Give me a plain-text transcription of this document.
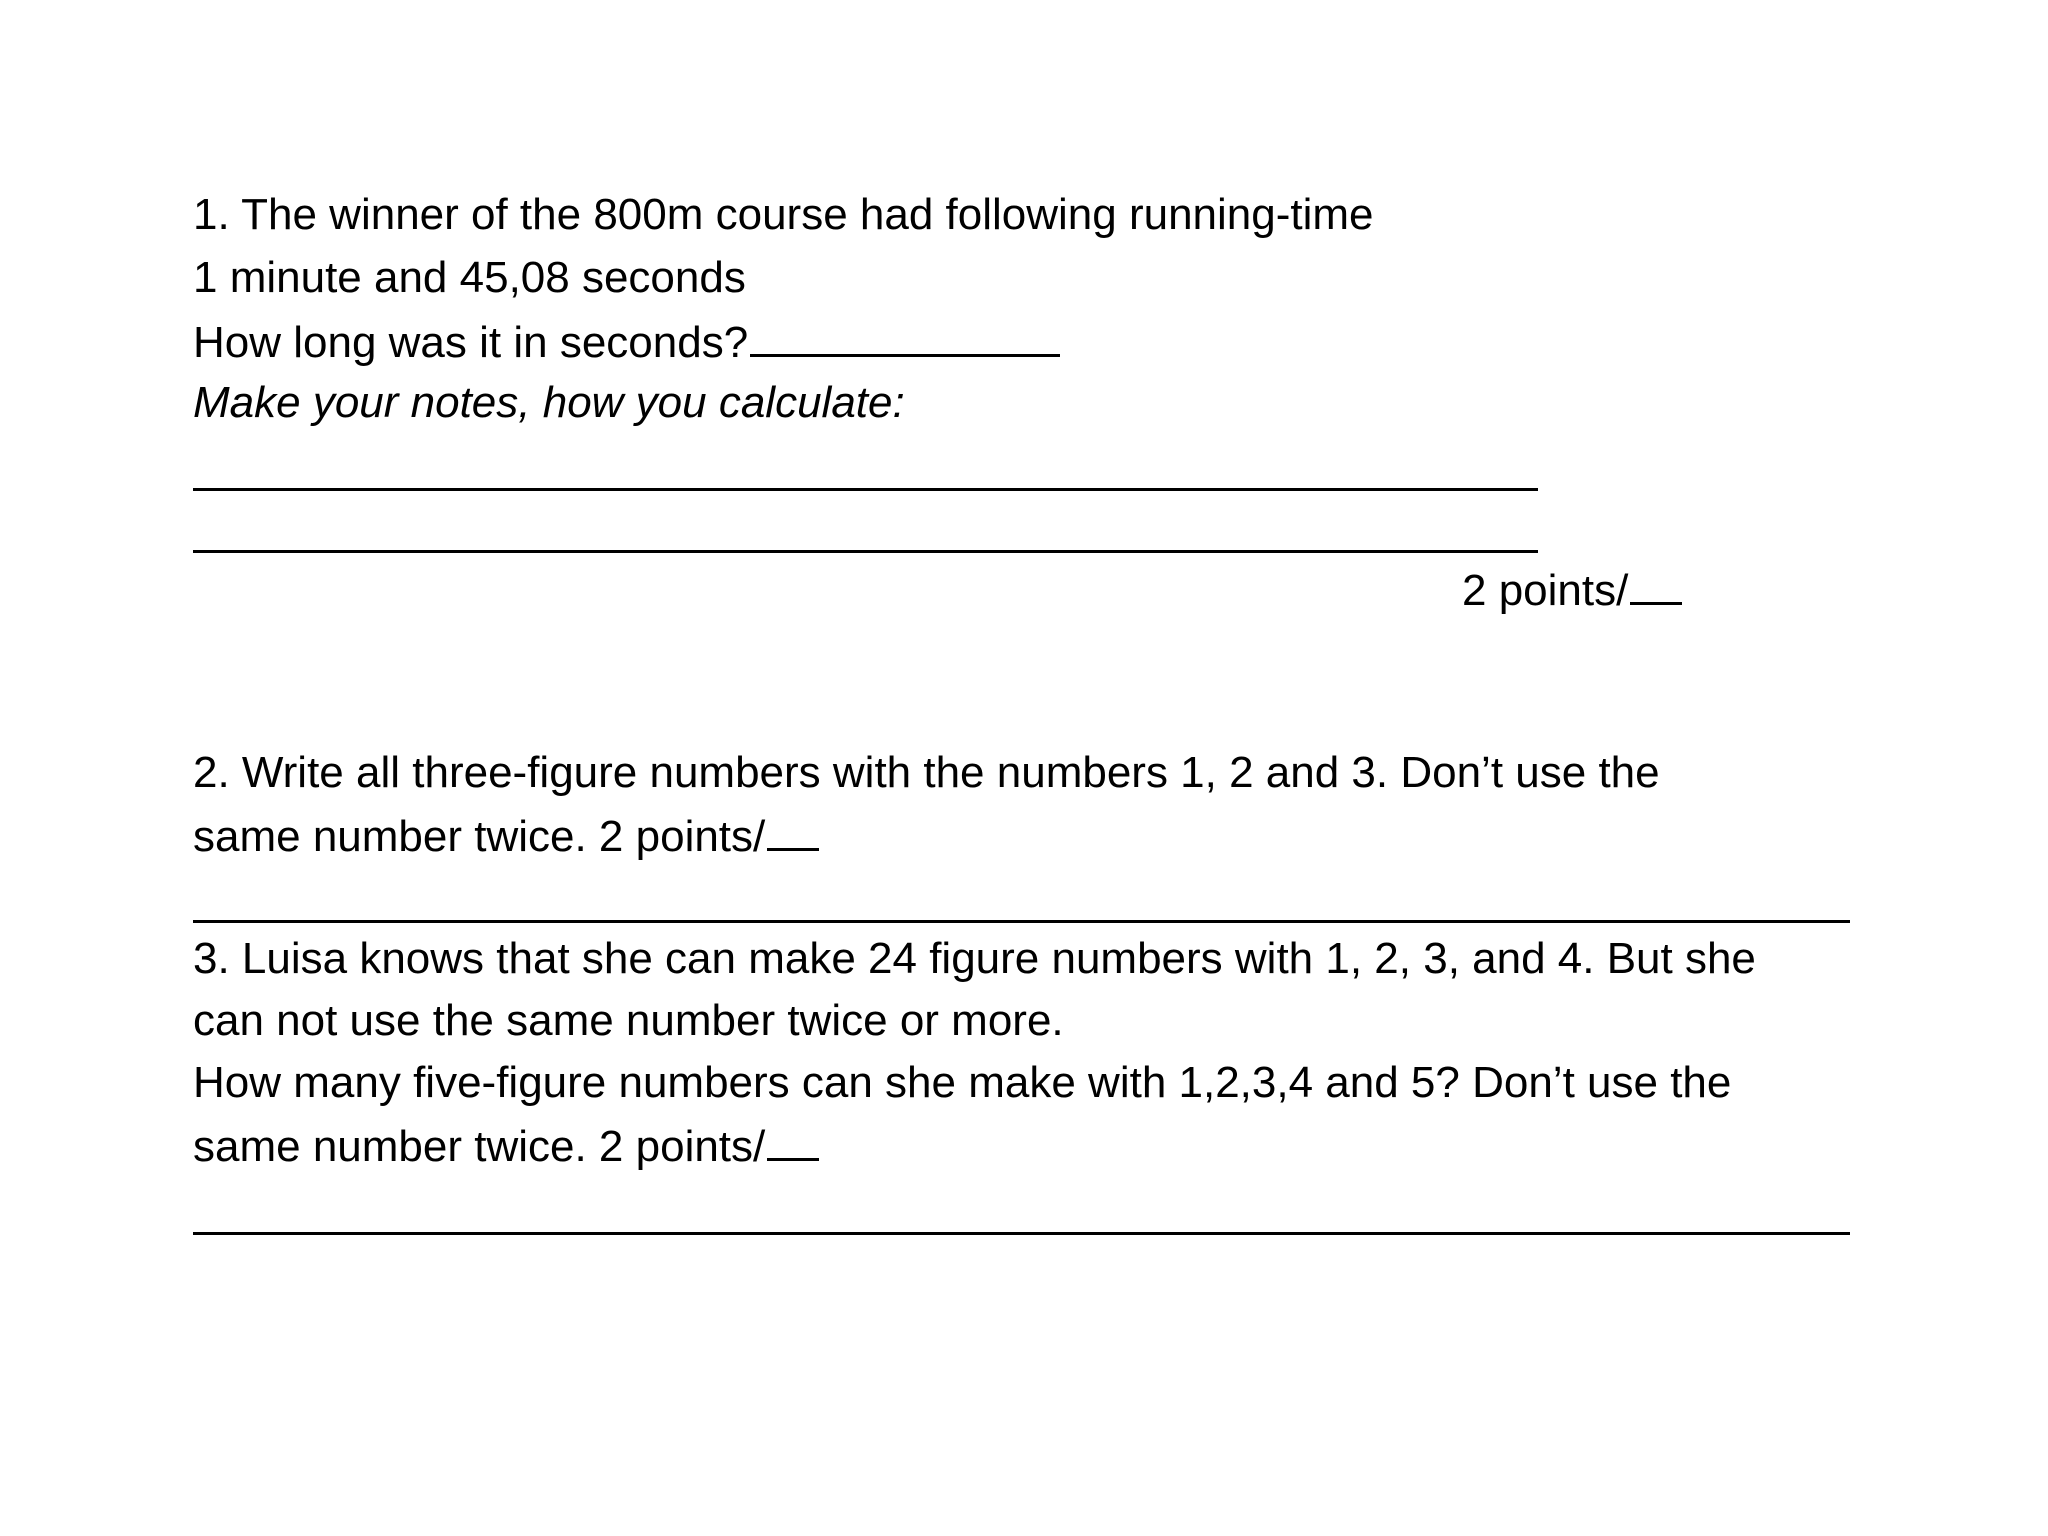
1. The winner of the 800m course had following running-time
1 minute and 45,08 seconds
How long was it in seconds?
Make your notes, how you calculate:
2 points/
2. Write all three-figure numbers with the numbers 1, 2 and 3. Don’t use the
same number twice. 2 points/
3. Luisa knows that she can make 24 figure numbers with 1, 2, 3, and 4. But she
can not use the same number twice or more.
How many five-figure numbers can she make with 1,2,3,4 and 5? Don’t use the
same number twice. 2 points/
